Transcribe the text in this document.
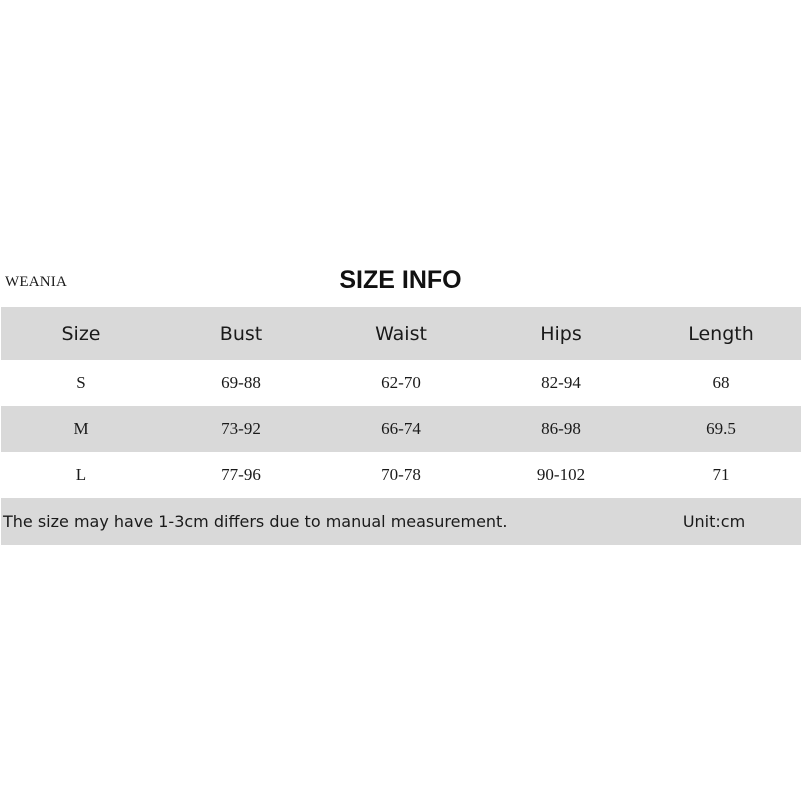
WEANIA	SIZE INFO
Size	Bust	Waist	Hips	Length
S	69-88	62-70	82-94	68
M	73-92	66-74	86-98	69.5
L	77-96	70-78	90-102	71
The size may have 1-3cm differs due to manual measurement.	Unit:cm
